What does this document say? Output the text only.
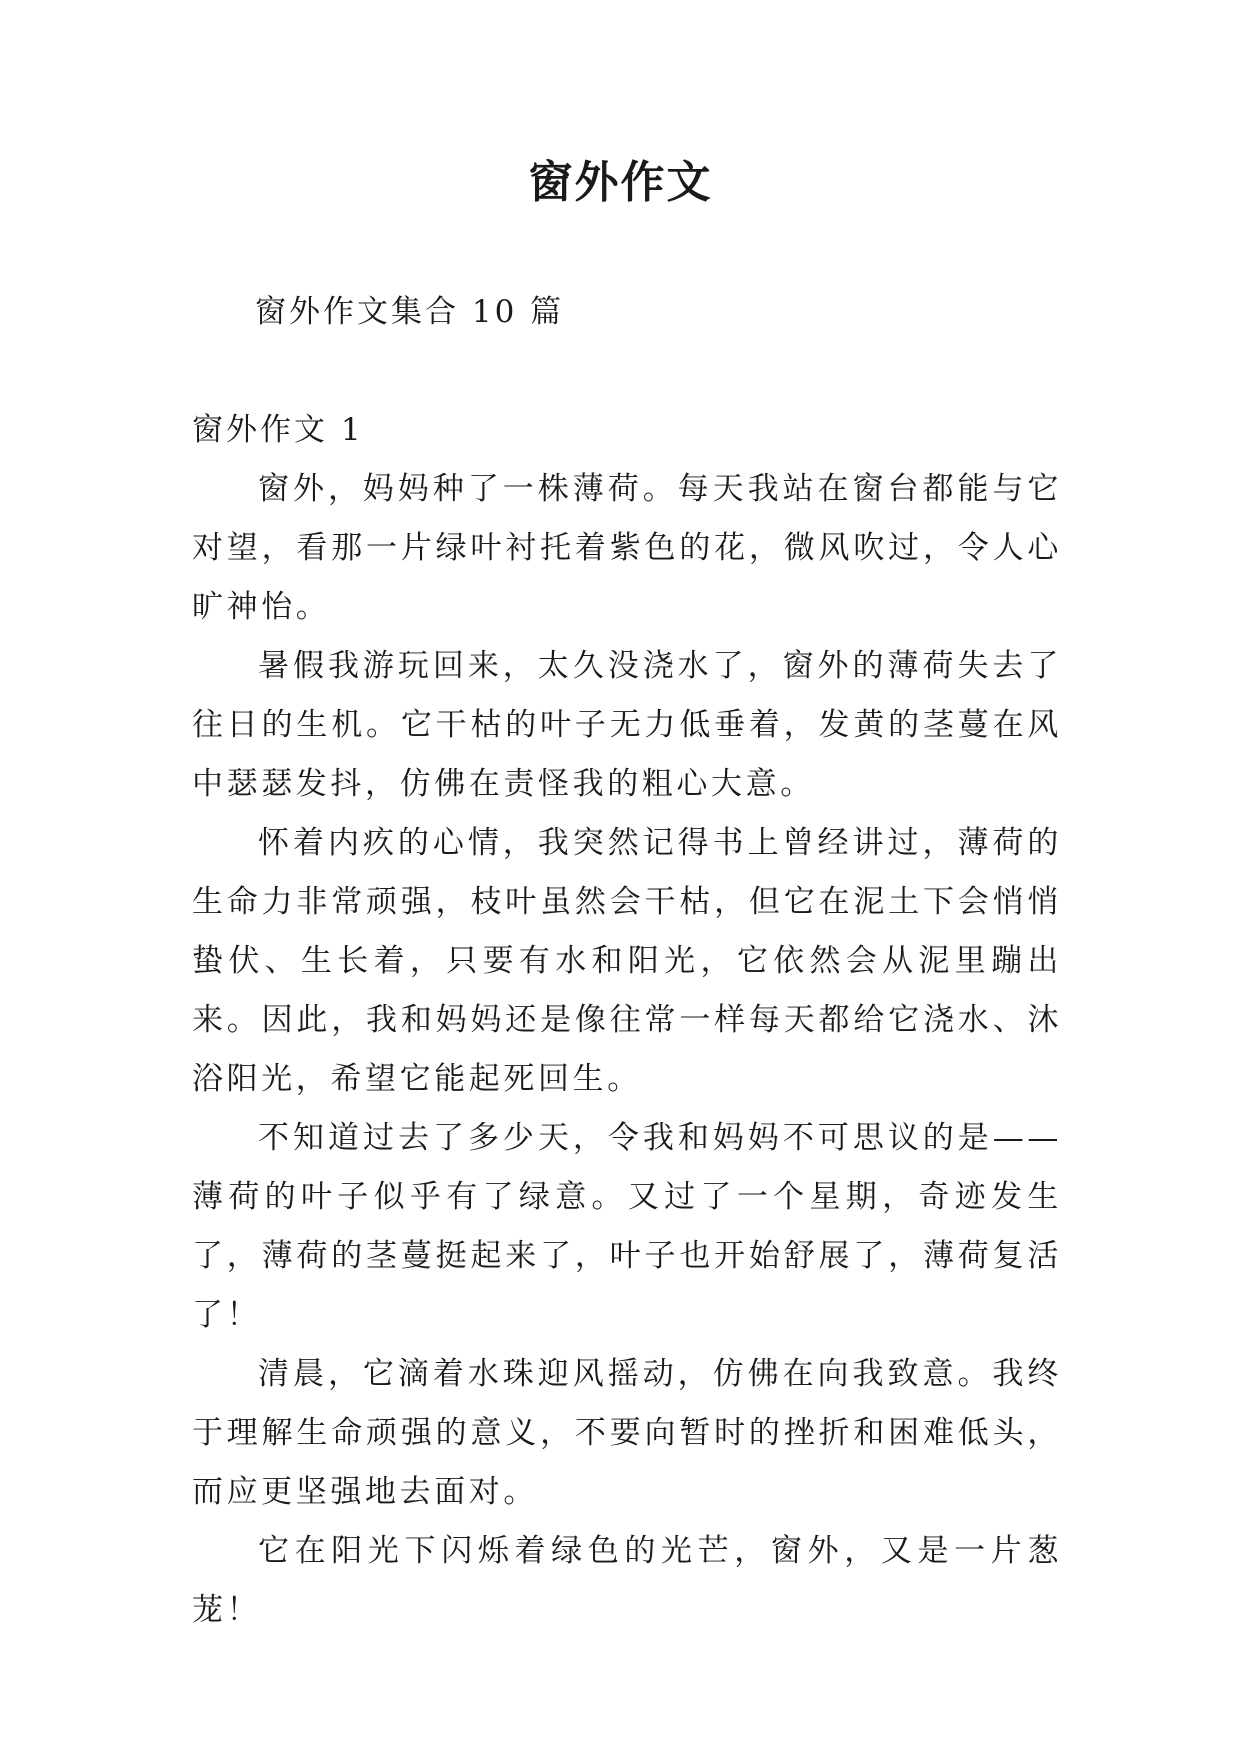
窗外作文

窗外作文集合 10 篇

窗外作文 1

窗外，妈妈种了一株薄荷。每天我站在窗台都能与它对望，看那一片绿叶衬托着紫色的花，微风吹过，令人心旷神怡。

暑假我游玩回来，太久没浇水了，窗外的薄荷失去了往日的生机。它干枯的叶子无力低垂着，发黄的茎蔓在风中瑟瑟发抖，仿佛在责怪我的粗心大意。

怀着内疚的心情，我突然记得书上曾经讲过，薄荷的生命力非常顽强，枝叶虽然会干枯，但它在泥土下会悄悄蛰伏、生长着，只要有水和阳光，它依然会从泥里蹦出来。因此，我和妈妈还是像往常一样每天都给它浇水、沐浴阳光，希望它能起死回生。

不知道过去了多少天，令我和妈妈不可思议的是——薄荷的叶子似乎有了绿意。又过了一个星期，奇迹发生了，薄荷的茎蔓挺起来了，叶子也开始舒展了，薄荷复活了！

清晨，它滴着水珠迎风摇动，仿佛在向我致意。我终于理解生命顽强的意义，不要向暂时的挫折和困难低头，而应更坚强地去面对。

它在阳光下闪烁着绿色的光芒，窗外，又是一片葱茏！
